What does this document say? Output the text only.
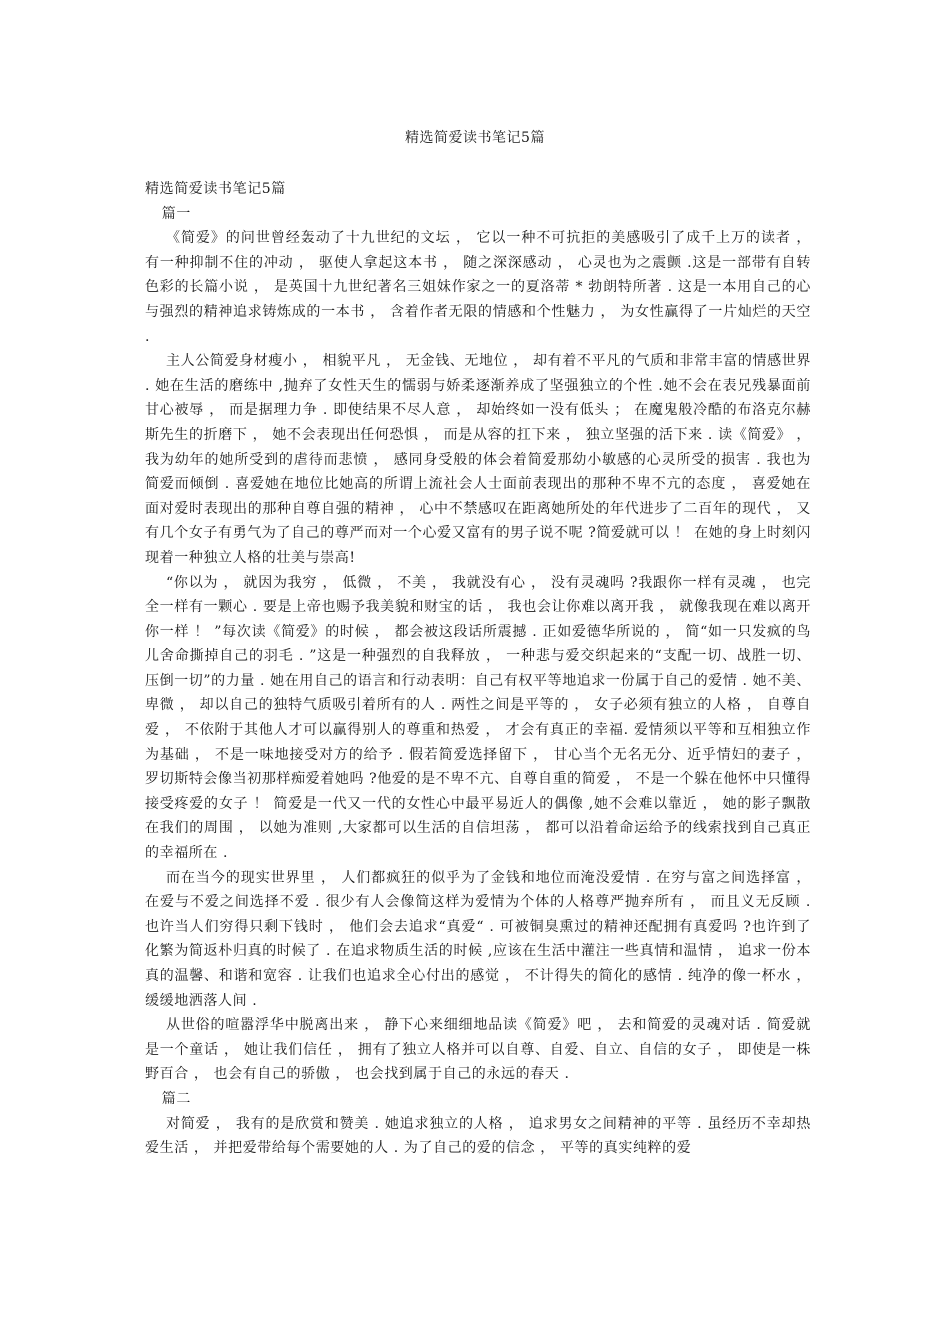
精选简爱读书笔记5篇

精选简爱读书笔记5篇

篇一

《简爱》的问世曾经轰动了十九世纪的文坛 ， 它以一种不可抗拒的美感吸引了成千上万的读者 ， 有一种抑制不住的冲动 ， 驱使人拿起这本书 ， 随之深深感动 ， 心灵也为之震颤 .这是一部带有自转色彩的长篇小说 ， 是英国十九世纪著名三姐妹作家之一的夏洛蒂 * 勃朗特所著 . 这是一本用自己的心与强烈的精神追求铸炼成的一本书 ， 含着作者无限的情感和个性魅力 ， 为女性赢得了一片灿烂的天空 .

主人公简爱身材瘦小 ， 相貌平凡 ， 无金钱、无地位 ， 却有着不平凡的气质和非常丰富的情感世界 . 她在生活的磨练中 ,抛弃了女性天生的懦弱与娇柔逐渐养成了坚强独立的个性 .她不会在表兄残暴面前甘心被辱 ， 而是据理力争 . 即使结果不尽人意 ， 却始终如一没有低头 ； 在魔鬼般冷酷的布洛克尔赫斯先生的折磨下 ， 她不会表现出任何恐惧 ， 而是从容的扛下来 ， 独立坚强的活下来 . 读《简爱》 ， 我为幼年的她所受到的虐待而悲愤 ， 感同身受般的体会着简爱那幼小敏感的心灵所受的损害 . 我也为简爱而倾倒 . 喜爱她在地位比她高的所谓上流社会人士面前表现出的那种不卑不亢的态度 ， 喜爱她在面对爱时表现出的那种自尊自强的精神 ， 心中不禁感叹在距离她所处的年代进步了二百年的现代 ， 又有几个女子有勇气为了自己的尊严而对一个心爱又富有的男子说不呢 ?简爱就可以 ！ 在她的身上时刻闪现着一种独立人格的壮美与崇高!

“你以为 ， 就因为我穷 ， 低微 ， 不美 ， 我就没有心 ， 没有灵魂吗 ?我跟你一样有灵魂 ， 也完全一样有一颗心 . 要是上帝也赐予我美貌和财宝的话 ， 我也会让你难以离开我 ， 就像我现在难以离开你一样 ！ ”每次读《简爱》的时候 ， 都会被这段话所震撼 . 正如爱德华所说的 ， 简“如一只发疯的鸟儿舍命撕掉自己的羽毛 . ”这是一种强烈的自我释放 ， 一种悲与爱交织起来的“支配一切、战胜一切、压倒一切”的力量 . 她在用自己的语言和行动表明：自己有权平等地追求一份属于自己的爱情 . 她不美、卑微 ， 却以自己的独特气质吸引着所有的人 . 两性之间是平等的 ， 女子必须有独立的人格 ， 自尊自爱 ， 不依附于其他人才可以赢得别人的尊重和热爱 ， 才会有真正的幸福. 爱情须以平等和互相独立作为基础 ， 不是一味地接受对方的给予 . 假若简爱选择留下 ， 甘心当个无名无分、近乎情妇的妻子 ， 罗切斯特会像当初那样痴爱着她吗 ?他爱的是不卑不亢、自尊自重的简爱 ， 不是一个躲在他怀中只懂得接受疼爱的女子 ！ 简爱是一代又一代的女性心中最平易近人的偶像 ,她不会难以靠近 ， 她的影子飘散在我们的周围 ， 以她为准则 ,大家都可以生活的自信坦荡 ， 都可以沿着命运给予的线索找到自己真正的幸福所在 .

而在当今的现实世界里 ， 人们都疯狂的似乎为了金钱和地位而淹没爱情 . 在穷与富之间选择富 ， 在爱与不爱之间选择不爱 . 很少有人会像简这样为爱情为个体的人格尊严抛弃所有 ， 而且义无反顾 . 也许当人们穷得只剩下钱时 ， 他们会去追求“真爱“ . 可被铜臭熏过的精神还配拥有真爱吗 ?也许到了化繁为简返朴归真的时候了 . 在追求物质生活的时候 ,应该在生活中灌注一些真情和温情 ， 追求一份本真的温馨、和谐和宽容 . 让我们也追求全心付出的感觉 ， 不计得失的简化的感情 . 纯净的像一杯水 ， 缓缓地洒落人间 .

从世俗的喧嚣浮华中脱离出来 ， 静下心来细细地品读《简爱》吧 ， 去和简爱的灵魂对话 . 简爱就是一个童话 ， 她让我们信任 ， 拥有了独立人格并可以自尊、自爱、自立、自信的女子 ， 即使是一株野百合 ， 也会有自己的骄傲 ， 也会找到属于自己的永远的春天 .

篇二

对简爱 ， 我有的是欣赏和赞美 . 她追求独立的人格 ， 追求男女之间精神的平等 . 虽经历不幸却热爱生活 ， 并把爱带给每个需要她的人 . 为了自己的爱的信念 ， 平等的真实纯粹的爱
